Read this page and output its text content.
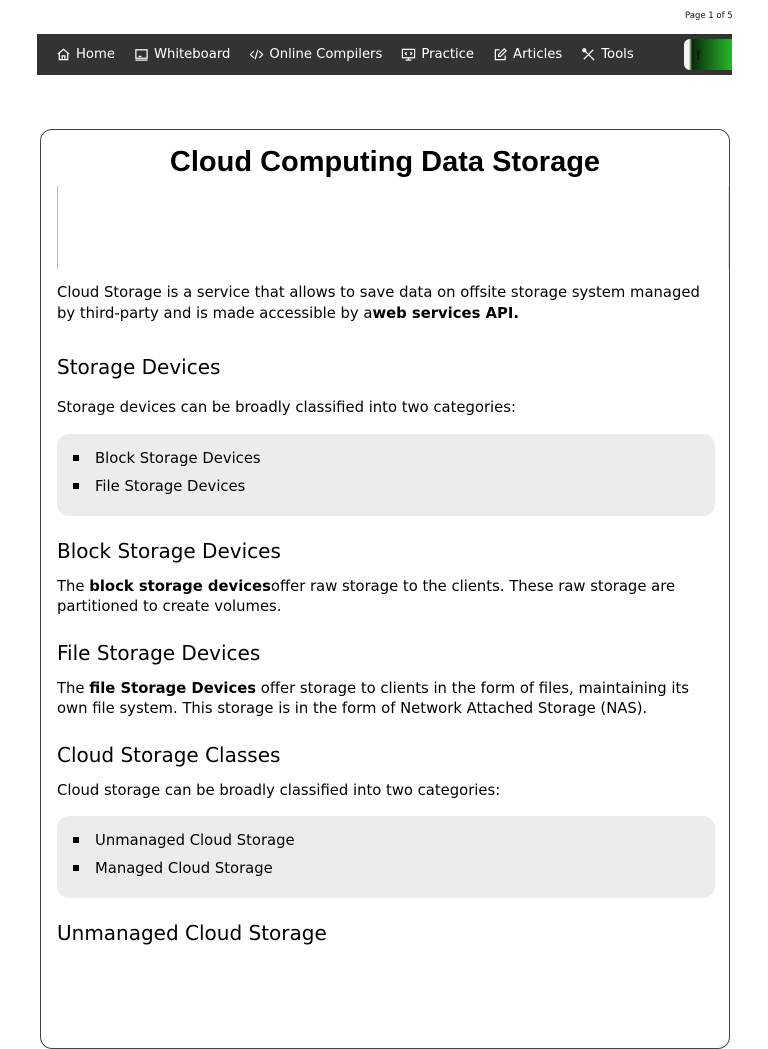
Page 1 of 5
Home	Whiteboard	Online Compilers	Practice	Articles	Tools	f
Cloud Computing Data Storage

Cloud Storage is a service that allows to save data on offsite storage system managed by third-party and is made accessible by aweb services API.

Storage Devices

Storage devices can be broadly classified into two categories:

Block Storage Devices
File Storage Devices
Block Storage Devices

The block storage devicesoffer raw storage to the clients. These raw storage are partitioned to create volumes.

File Storage Devices

The file Storage Devices offer storage to clients in the form of files, maintaining its own file system. This storage is in the form of Network Attached Storage (NAS).

Cloud Storage Classes

Cloud storage can be broadly classified into two categories:

Unmanaged Cloud Storage
Managed Cloud Storage
Unmanaged Cloud Storage
